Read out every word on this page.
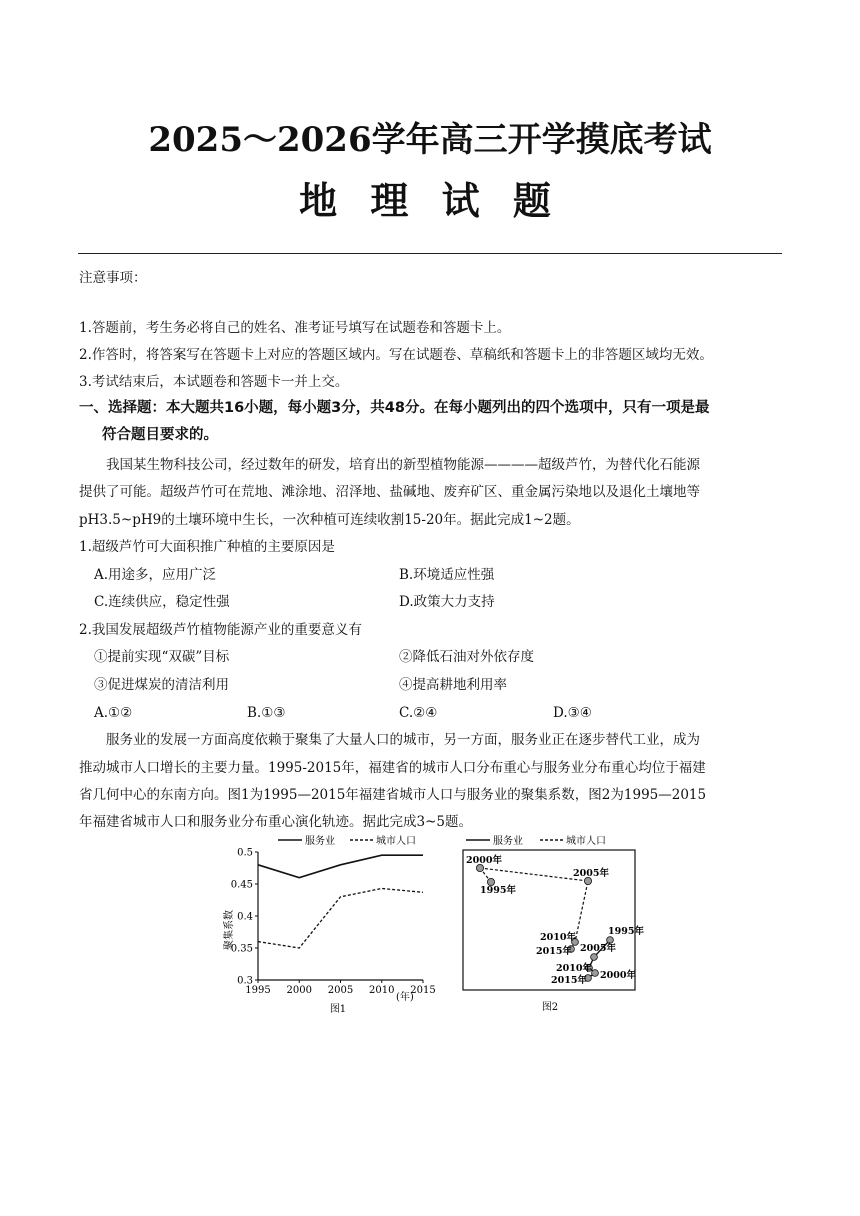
2025～2026学年高三开学摸底考试
地 理 试 题
注意事项：
1.答题前，考生务必将自己的姓名、准考证号填写在试题卷和答题卡上。
2.作答时，将答案写在答题卡上对应的答题区域内。写在试题卷、草稿纸和答题卡上的非答题区域均无效。
3.考试结束后，本试题卷和答题卡一并上交。
一、选择题：本大题共16小题，每小题3分，共48分。在每小题列出的四个选项中，只有一项是最
符合题目要求的。
我国某生物科技公司，经过数年的研发，培育出的新型植物能源————超级芦竹，为替代化石能源
提供了可能。超级芦竹可在荒地、滩涂地、沼泽地、盐碱地、废弃矿区、重金属污染地以及退化土壤地等
pH3.5~pH9的土壤环境中生长，一次种植可连续收割15-20年。据此完成1~2题。
1.超级芦竹可大面积推广种植的主要原因是
A.用途多，应用广泛	B.环境适应性强
C.连续供应，稳定性强	D.政策大力支持
2.我国发展超级芦竹植物能源产业的重要意义有
①提前实现“双碳”目标	②降低石油对外依存度
③促进煤炭的清洁利用	④提高耕地利用率
A.①②	B.①③	C.②④	D.③④
服务业的发展一方面高度依赖于聚集了大量人口的城市，另一方面，服务业正在逐步替代工业，成为
推动城市人口增长的主要力量。1995-2015年，福建省的城市人口分布重心与服务业分布重心均位于福建
省几何中心的东南方向。图1为1995—2015年福建省城市人口与服务业的聚集系数，图2为1995—2015
年福建省城市人口和服务业分布重心演化轨迹。据此完成3~5题。
服务业	城市人口
聚集系数
0.5
0.45
0.4
0.35
0.3
1995 2000 2005 2010 2015
(年)
图1
服务业	城市人口
2000年
1995年
2005年
2010年
2015年
1995年
2005年
2010年
2000年
2015年
图2
